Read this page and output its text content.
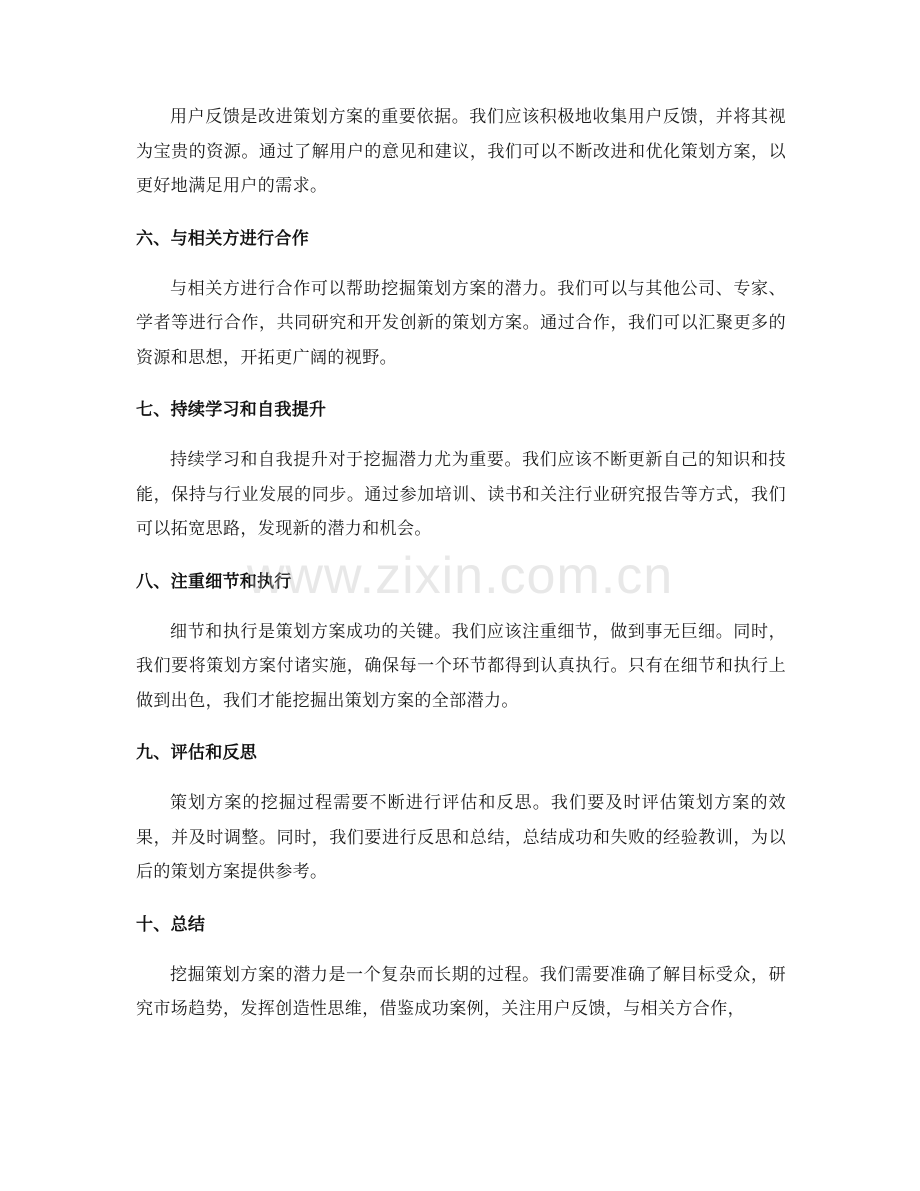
用户反馈是改进策划方案的重要依据。我们应该积极地收集用户反馈，并将其视为宝贵的资源。通过了解用户的意见和建议，我们可以不断改进和优化策划方案，以更好地满足用户的需求。

六、与相关方进行合作

与相关方进行合作可以帮助挖掘策划方案的潜力。我们可以与其他公司、专家、学者等进行合作，共同研究和开发创新的策划方案。通过合作，我们可以汇聚更多的资源和思想，开拓更广阔的视野。

七、持续学习和自我提升

持续学习和自我提升对于挖掘潜力尤为重要。我们应该不断更新自己的知识和技能，保持与行业发展的同步。通过参加培训、读书和关注行业研究报告等方式，我们可以拓宽思路，发现新的潜力和机会。

八、注重细节和执行

细节和执行是策划方案成功的关键。我们应该注重细节，做到事无巨细。同时，我们要将策划方案付诸实施，确保每一个环节都得到认真执行。只有在细节和执行上做到出色，我们才能挖掘出策划方案的全部潜力。

九、评估和反思

策划方案的挖掘过程需要不断进行评估和反思。我们要及时评估策划方案的效果，并及时调整。同时，我们要进行反思和总结，总结成功和失败的经验教训，为以后的策划方案提供参考。

十、总结

挖掘策划方案的潜力是一个复杂而长期的过程。我们需要准确了解目标受众，研究市场趋势，发挥创造性思维，借鉴成功案例，关注用户反馈，与相关方合作，

www.zixin.com.cn
